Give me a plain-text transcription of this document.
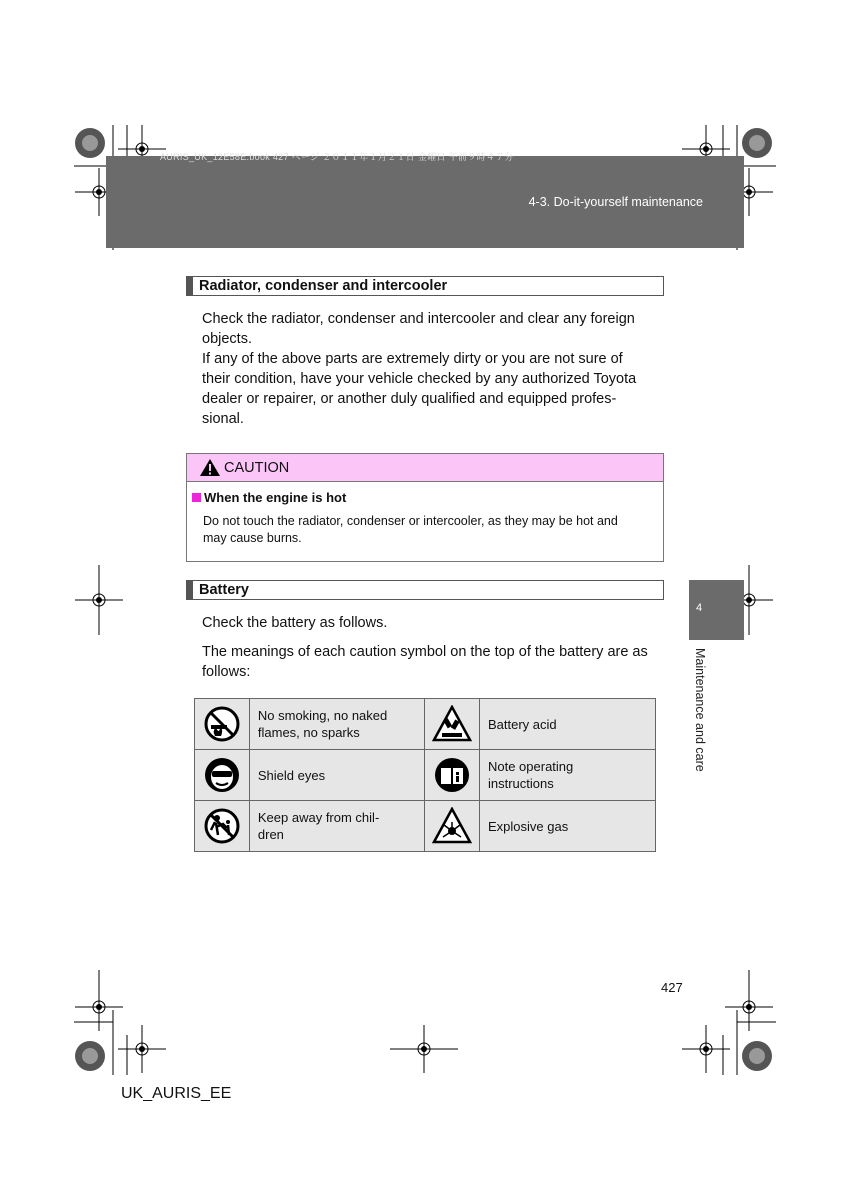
AURIS_UK_12E58E.book 427 ページ ２０１１年１月２１日 金曜日 午前９時４７分
4-3. Do-it-yourself maintenance
4
Maintenance and care
Radiator, condenser and intercooler
Check the radiator, condenser and intercooler and clear any foreign
objects.
If any of the above parts are extremely dirty or you are not sure of
their condition, have your vehicle checked by any authorized Toyota
dealer or repairer, or another duly qualified and equipped profes-
sional.
CAUTION
When the engine is hot
Do not touch the radiator, condenser or intercooler, as they may be hot and
may cause burns.
Battery
Check the battery as follows.
The meanings of each caution symbol on the top of the battery are as
follows:

No smoking, no naked
flames, no sparks		Battery acid

Shield eyes		Note operating
instructions

Keep away from chil-
dren		Explosive gas
427
UK_AURIS_EE
